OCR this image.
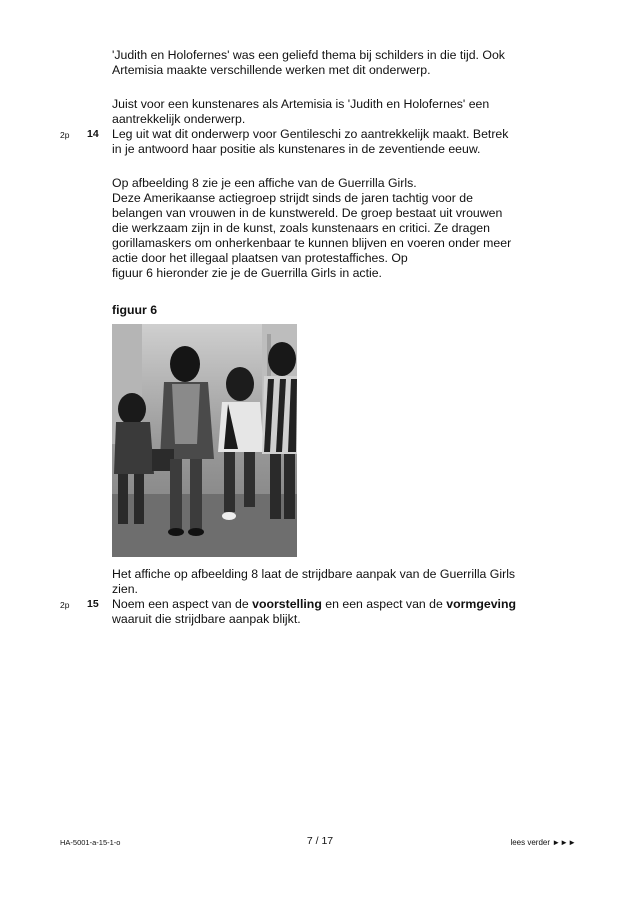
'Judith en Holofernes' was een geliefd thema bij schilders in die tijd. Ook
Artemisia maakte verschillende werken met dit onderwerp.
Juist voor een kunstenares als Artemisia is 'Judith en Holofernes' een
aantrekkelijk onderwerp.
2p 14 Leg uit wat dit onderwerp voor Gentileschi zo aantrekkelijk maakt. Betrek
in je antwoord haar positie als kunstenares in de zeventiende eeuw.
Op afbeelding 8 zie je een affiche van de Guerrilla Girls.
Deze Amerikaanse actiegroep strijdt sinds de jaren tachtig voor de
belangen van vrouwen in de kunstwereld. De groep bestaat uit vrouwen
die werkzaam zijn in de kunst, zoals kunstenaars en critici. Ze dragen
gorillamaskers om onherkenbaar te kunnen blijven en voeren onder meer
actie door het illegaal plaatsen van protestaffiches. Op
figuur 6 hieronder zie je de Guerrilla Girls in actie.
figuur 6
Het affiche op afbeelding 8 laat de strijdbare aanpak van de Guerrilla Girls
zien.
2p 15 Noem een aspect van de voorstelling en een aspect van de vormgeving
waaruit die strijdbare aanpak blijkt.
HA-5001-a-15-1-o	7 / 17	lees verder ►►►
